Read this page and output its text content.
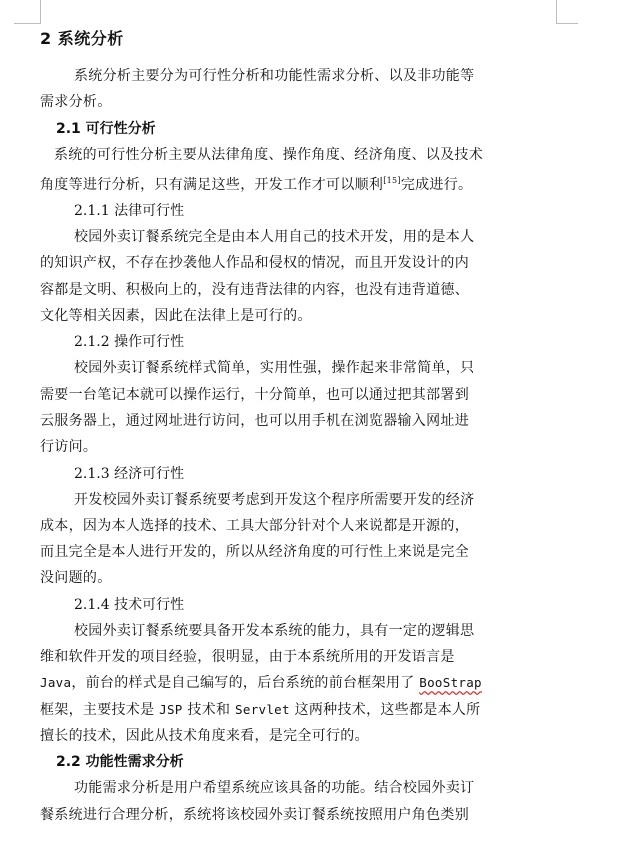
2 系统分析
系统分析主要分为可行性分析和功能性需求分析、以及非功能等
需求分析。
2.1 可行性分析
系统的可行性分析主要从法律角度、操作角度、经济角度、以及技术
角度等进行分析，只有满足这些，开发工作才可以顺利[15]完成进行。
2.1.1 法律可行性
校园外卖订餐系统完全是由本人用自己的技术开发，用的是本人
的知识产权，不存在抄袭他人作品和侵权的情况，而且开发设计的内
容都是文明、积极向上的，没有违背法律的内容，也没有违背道德、
文化等相关因素，因此在法律上是可行的。
2.1.2 操作可行性
校园外卖订餐系统样式简单，实用性强，操作起来非常简单，只
需要一台笔记本就可以操作运行，十分简单，也可以通过把其部署到
云服务器上，通过网址进行访问，也可以用手机在浏览器输入网址进
行访问。
2.1.3 经济可行性
开发校园外卖订餐系统要考虑到开发这个程序所需要开发的经济
成本，因为本人选择的技术、工具大部分针对个人来说都是开源的，
而且完全是本人进行开发的，所以从经济角度的可行性上来说是完全
没问题的。
2.1.4 技术可行性
校园外卖订餐系统要具备开发本系统的能力，具有一定的逻辑思
维和软件开发的项目经验，很明显，由于本系统所用的开发语言是
Java，前台的样式是自己编写的，后台系统的前台框架用了 BooStrap
框架，主要技术是 JSP 技术和 Servlet 这两种技术，这些都是本人所
擅长的技术，因此从技术角度来看，是完全可行的。
2.2 功能性需求分析
功能需求分析是用户希望系统应该具备的功能。结合校园外卖订
餐系统进行合理分析，系统将该校园外卖订餐系统按照用户角色类别
